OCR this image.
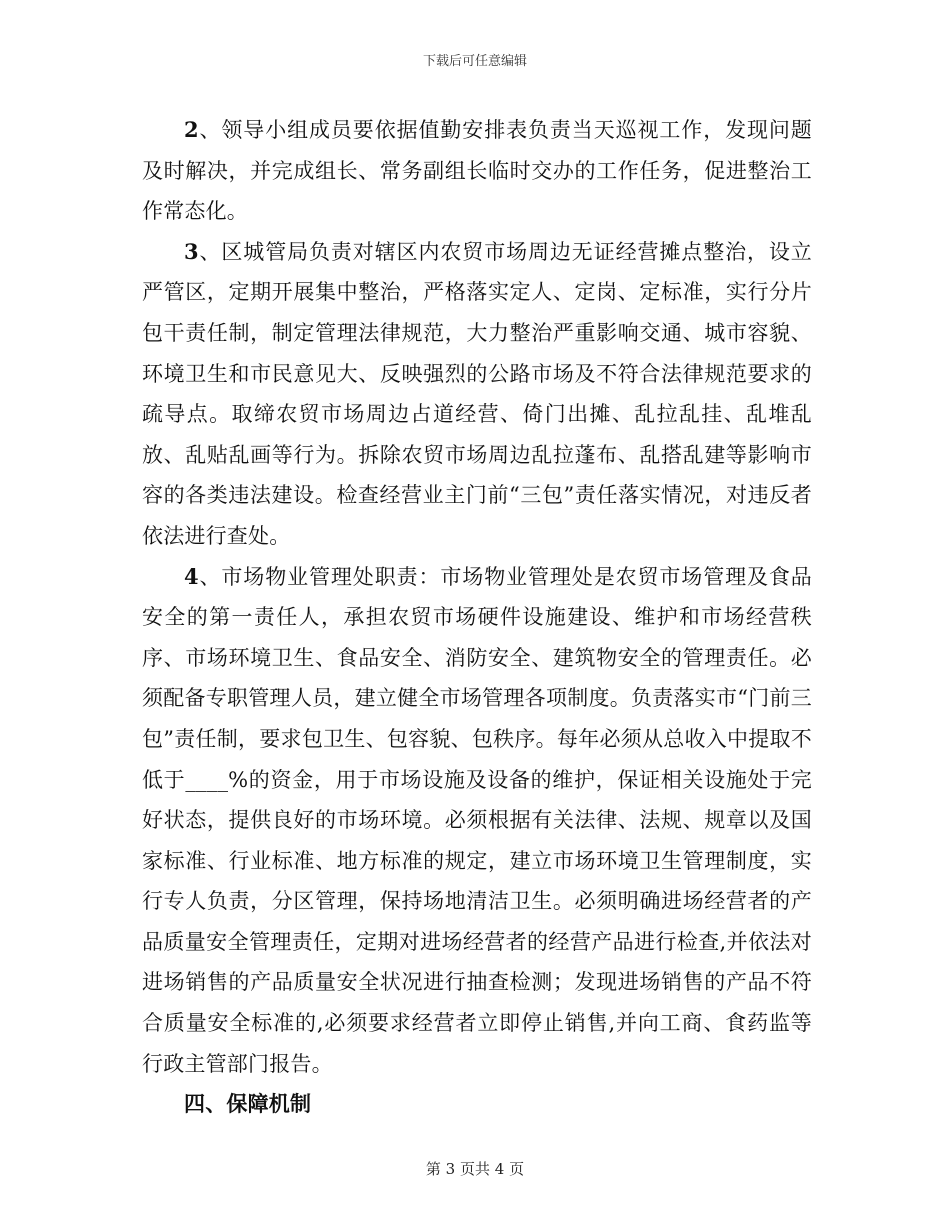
下载后可任意编辑

2、领导小组成员要依据值勤安排表负责当天巡视工作，发现问题及时解决，并完成组长、常务副组长临时交办的工作任务，促进整治工作常态化。

3、区城管局负责对辖区内农贸市场周边无证经营摊点整治，设立严管区，定期开展集中整治，严格落实定人、定岗、定标准，实行分片包干责任制，制定管理法律规范，大力整治严重影响交通、城市容貌、环境卫生和市民意见大、反映强烈的公路市场及不符合法律规范要求的疏导点。取缔农贸市场周边占道经营、倚门出摊、乱拉乱挂、乱堆乱放、乱贴乱画等行为。拆除农贸市场周边乱拉蓬布、乱搭乱建等影响市容的各类违法建设。检查经营业主门前“三包”责任落实情况，对违反者依法进行查处。

4、市场物业管理处职责：市场物业管理处是农贸市场管理及食品安全的第一责任人，承担农贸市场硬件设施建设、维护和市场经营秩序、市场环境卫生、食品安全、消防安全、建筑物安全的管理责任。必须配备专职管理人员，建立健全市场管理各项制度。负责落实市“门前三包”责任制，要求包卫生、包容貌、包秩序。每年必须从总收入中提取不低于____%的资金，用于市场设施及设备的维护，保证相关设施处于完好状态，提供良好的市场环境。必须根据有关法律、法规、规章以及国家标准、行业标准、地方标准的规定，建立市场环境卫生管理制度，实行专人负责，分区管理，保持场地清洁卫生。必须明确进场经营者的产品质量安全管理责任，定期对进场经营者的经营产品进行检查,并依法对进场销售的产品质量安全状况进行抽查检测；发现进场销售的产品不符合质量安全标准的,必须要求经营者立即停止销售,并向工商、食药监等行政主管部门报告。

四、保障机制

第 3 页共 4 页
